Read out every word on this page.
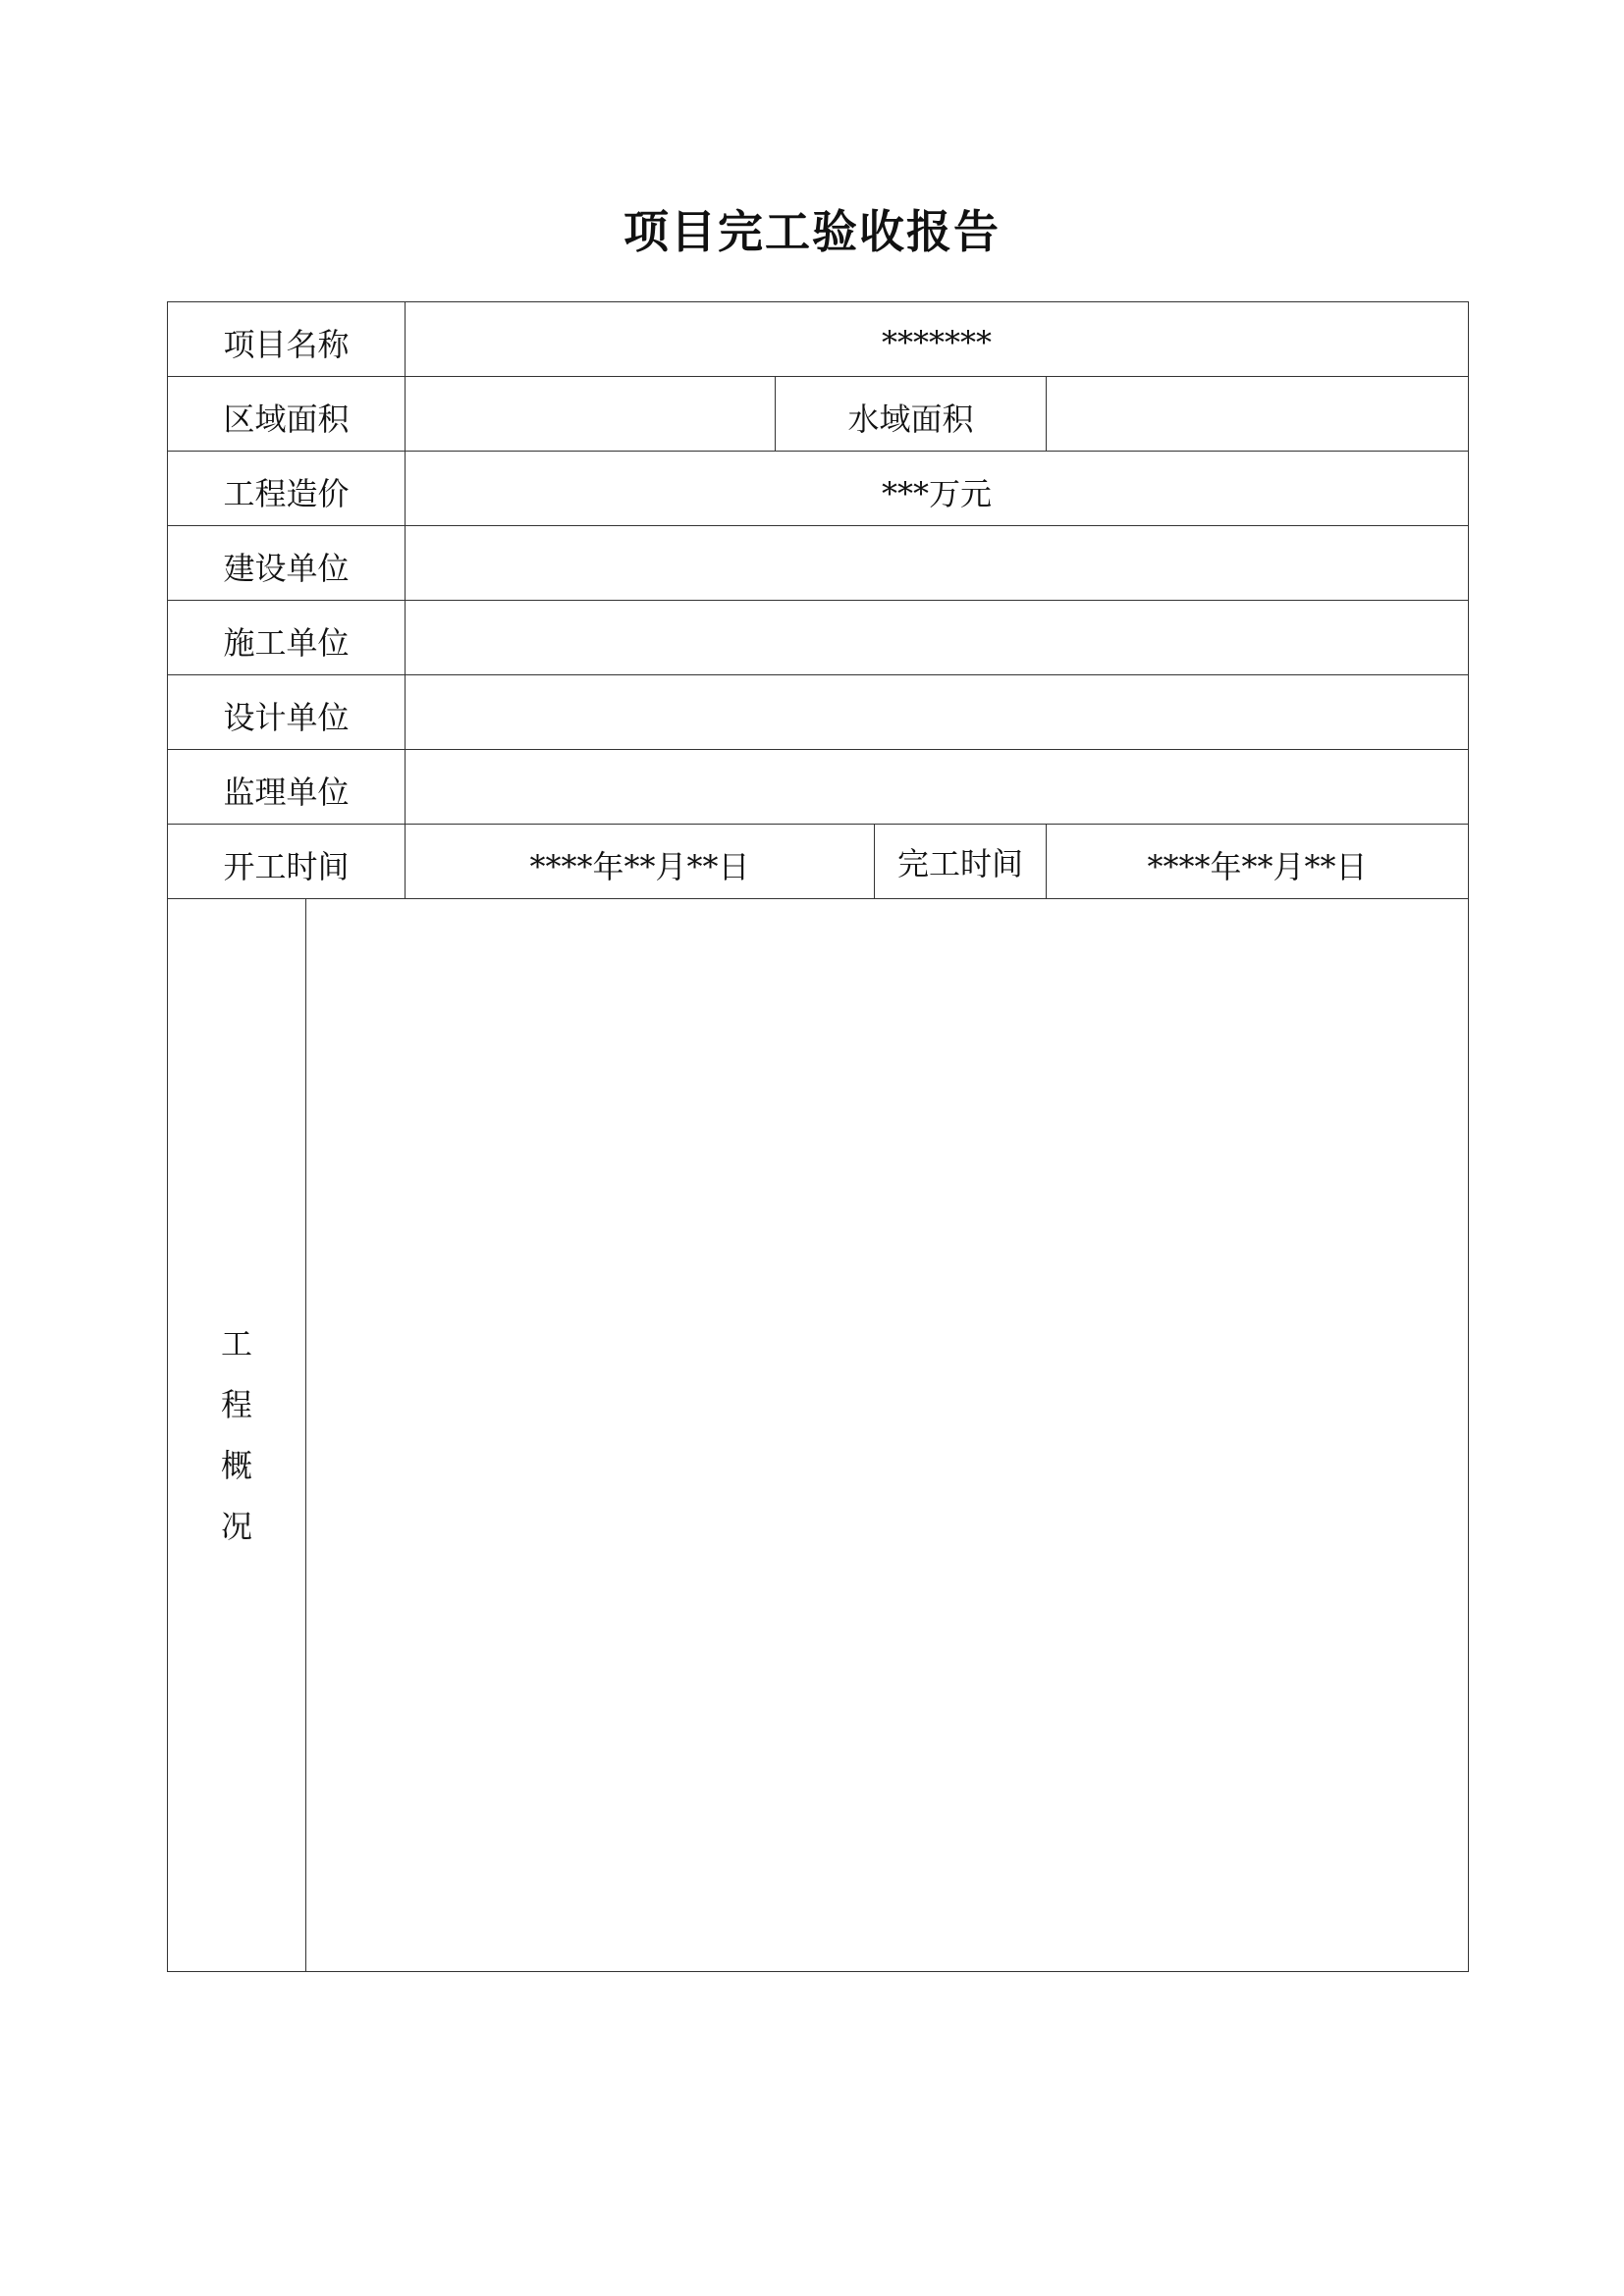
项目完工验收报告
项目名称		*******			
区域面积			水域面积		
工程造价		***万元			
建设单位					
施工单位					
设计单位					
监理单位					
开工时间		****年**月**日		完工时间	****年**月**日
工程概况					
